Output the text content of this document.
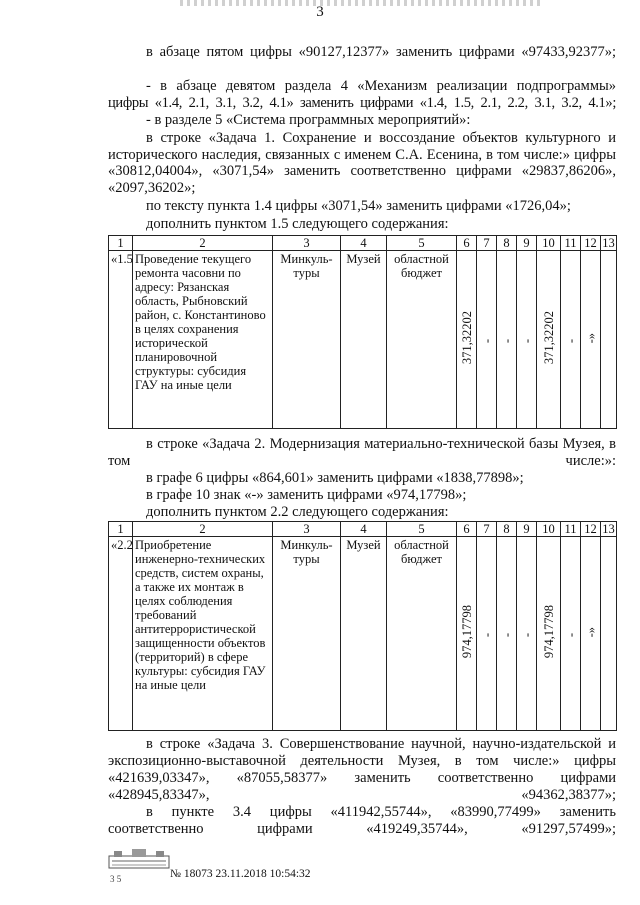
3

в абзаце пятом цифры «90127,12377» заменить цифрами «97433,92377»;

- в абзаце девятом раздела 4 «Механизм реализации подпрограммы»
цифры «1.4, 2.1, 3.1, 3.2, 4.1» заменить цифрами «1.4, 1.5, 2.1, 2.2, 3.1, 3.2, 4.1»;

- в разделе 5 «Система программных мероприятий»:

в строке «Задача 1. Сохранение и воссоздание объектов культурного и исторического наследия, связанных с именем С.А. Есенина, в том числе:» цифры «30812,04004», «3071,54» заменить соответственно цифрами «29837,86206», «2097,36202»;

по тексту пункта 1.4 цифры «3071,54» заменить цифрами «1726,04»;

дополнить пунктом 1.5 следующего содержания:

1	2	3	4	5	6	7	8	9	10	11	12	13
«1.5	Проведение текущего ремонта часовни по адресу: Рязанская область, Рыбновский район, с. Константиново в целях сохранения исторической планировочной структуры: субсидия ГАУ на иные цели	Минкуль-туры	Музей	областной бюджет	371,32202	-	-	-	371,32202	-	-»	

в строке «Задача 2. Модернизация материально-технической базы Музея, в том числе:»:

в графе 6 цифры «864,601» заменить цифрами «1838,77898»;

в графе 10 знак «-» заменить цифрами «974,17798»;

дополнить пунктом 2.2 следующего содержания:

1	2	3	4	5	6	7	8	9	10	11	12	13
«2.2	Приобретение инженерно-технических средств, систем охраны, а также их монтаж в целях соблюдения требований антитеррористической защищенности объектов (территорий) в сфере культуры: субсидия ГАУ на иные цели	Минкуль-туры	Музей	областной бюджет	974,17798	-	-	-	974,17798	-	-»	

в строке «Задача 3. Совершенствование научной, научно-издательской и экспозиционно-выставочной деятельности Музея, в том числе:» цифры «421639,03347», «87055,58377» заменить соответственно цифрами «428945,83347», «94362,38377»;

в пункте 3.4 цифры «411942,55744», «83990,77499» заменить соответственно цифрами «419249,35744», «91297,57499»;

3 5	№ 18073 23.11.2018 10:54:32
